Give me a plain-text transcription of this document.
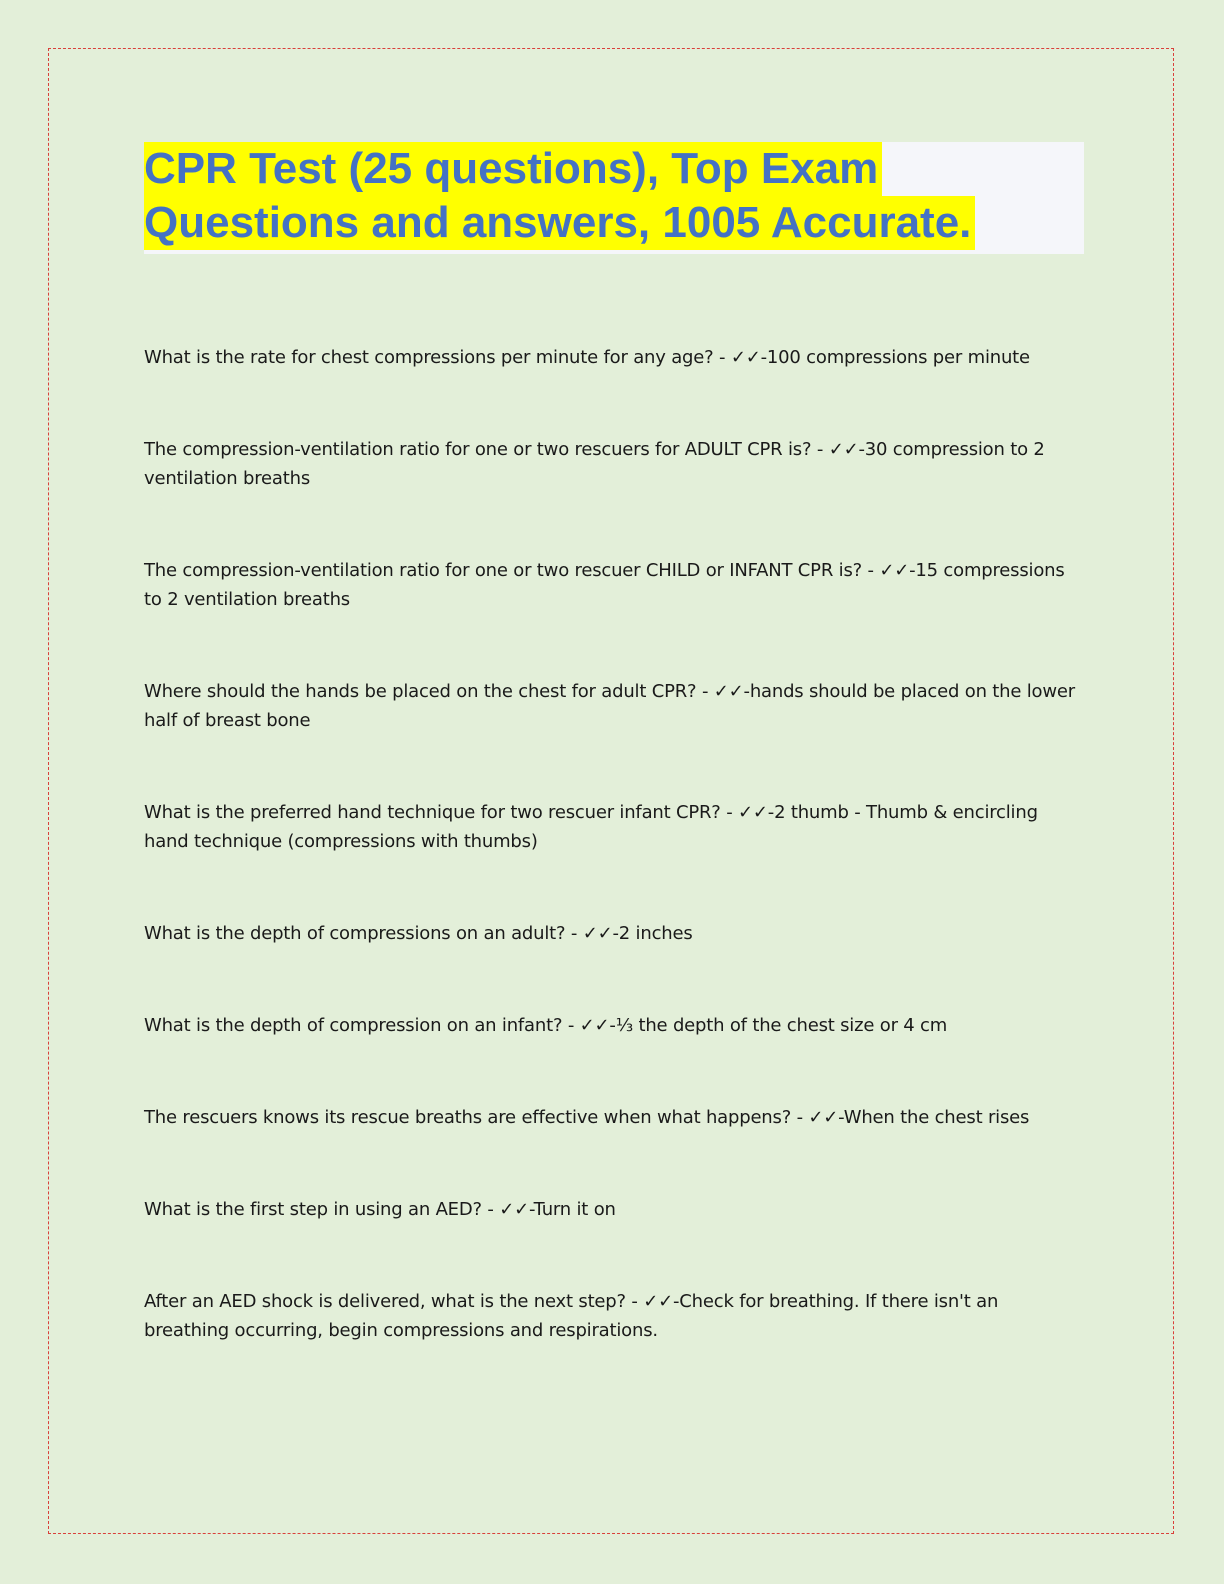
CPR Test (25 questions), Top Exam
Questions and answers, 1005 Accurate.
What is the rate for chest compressions per minute for any age? - ✓✓-100 compressions per minute
The compression-ventilation ratio for one or two rescuers for ADULT CPR is? - ✓✓-30 compression to 2 ventilation breaths
The compression-ventilation ratio for one or two rescuer CHILD or INFANT CPR is? - ✓✓-15 compressions to 2 ventilation breaths
Where should the hands be placed on the chest for adult CPR? - ✓✓-hands should be placed on the lower half of breast bone
What is the preferred hand technique for two rescuer infant CPR? - ✓✓-2 thumb - Thumb & encircling hand technique (compressions with thumbs)
What is the depth of compressions on an adult? - ✓✓-2 inches
What is the depth of compression on an infant? - ✓✓-⅓ the depth of the chest size or 4 cm
The rescuers knows its rescue breaths are effective when what happens? - ✓✓-When the chest rises
What is the first step in using an AED? - ✓✓-Turn it on
After an AED shock is delivered, what is the next step? - ✓✓-Check for breathing. If there isn't an breathing occurring, begin compressions and respirations.
